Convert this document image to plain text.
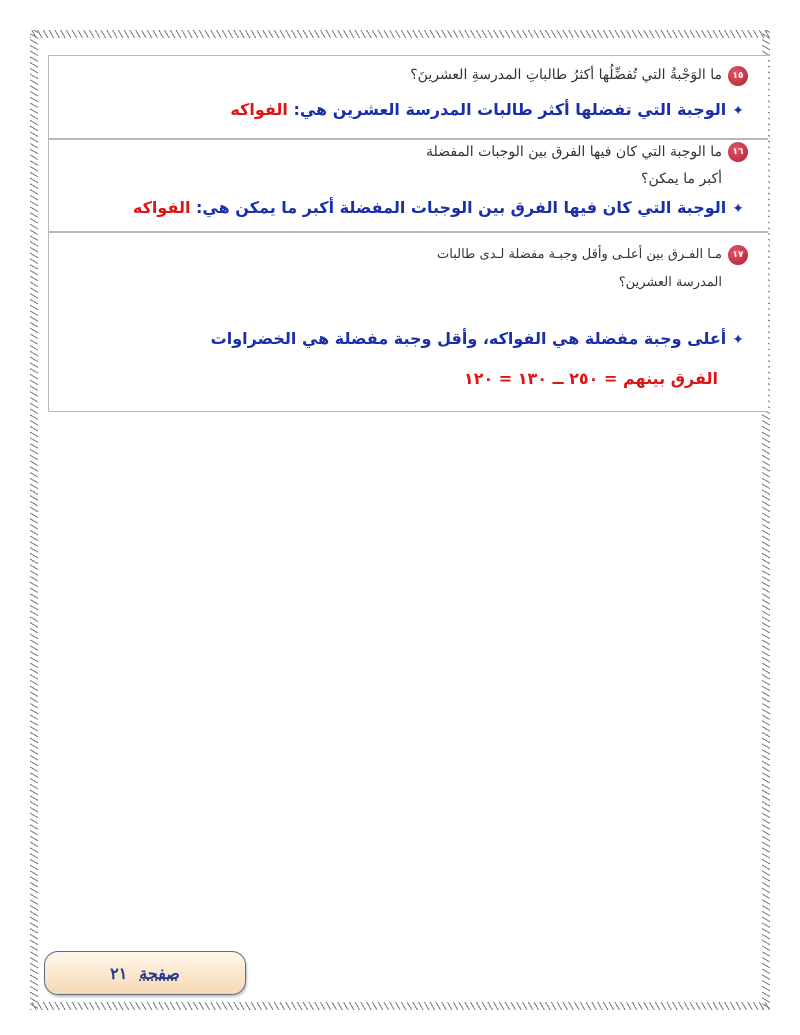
١٥
ما الوَجْبةُ التي تُفضِّلُها أكثرُ طالباتِ المدرسةِ العشرينَ؟
✦الوجبة التي تفضلها أكثر طالبات المدرسة العشرين هي: الفواكه
١٦
ما الوجبة التي كان فيها الفرق بين الوجبات المفضلة
أكبر ما يمكن؟
✦الوجبة التي كان فيها الفرق بين الوجبات المفضلة أكبر ما يمكن هي: الفواكه
١٧
مـا الفـرق بين أعلـى وأقل وجبـة مفضلة لـدى طالبات
المدرسة العشرين؟
✦أعلى وجبة مفضلة هي الفواكه، وأقل وجبة مفضلة هي الخضراوات
الفرق بينهم = ٢٥٠ ــ ١٣٠ = ١٢٠
صفحة
٢١
